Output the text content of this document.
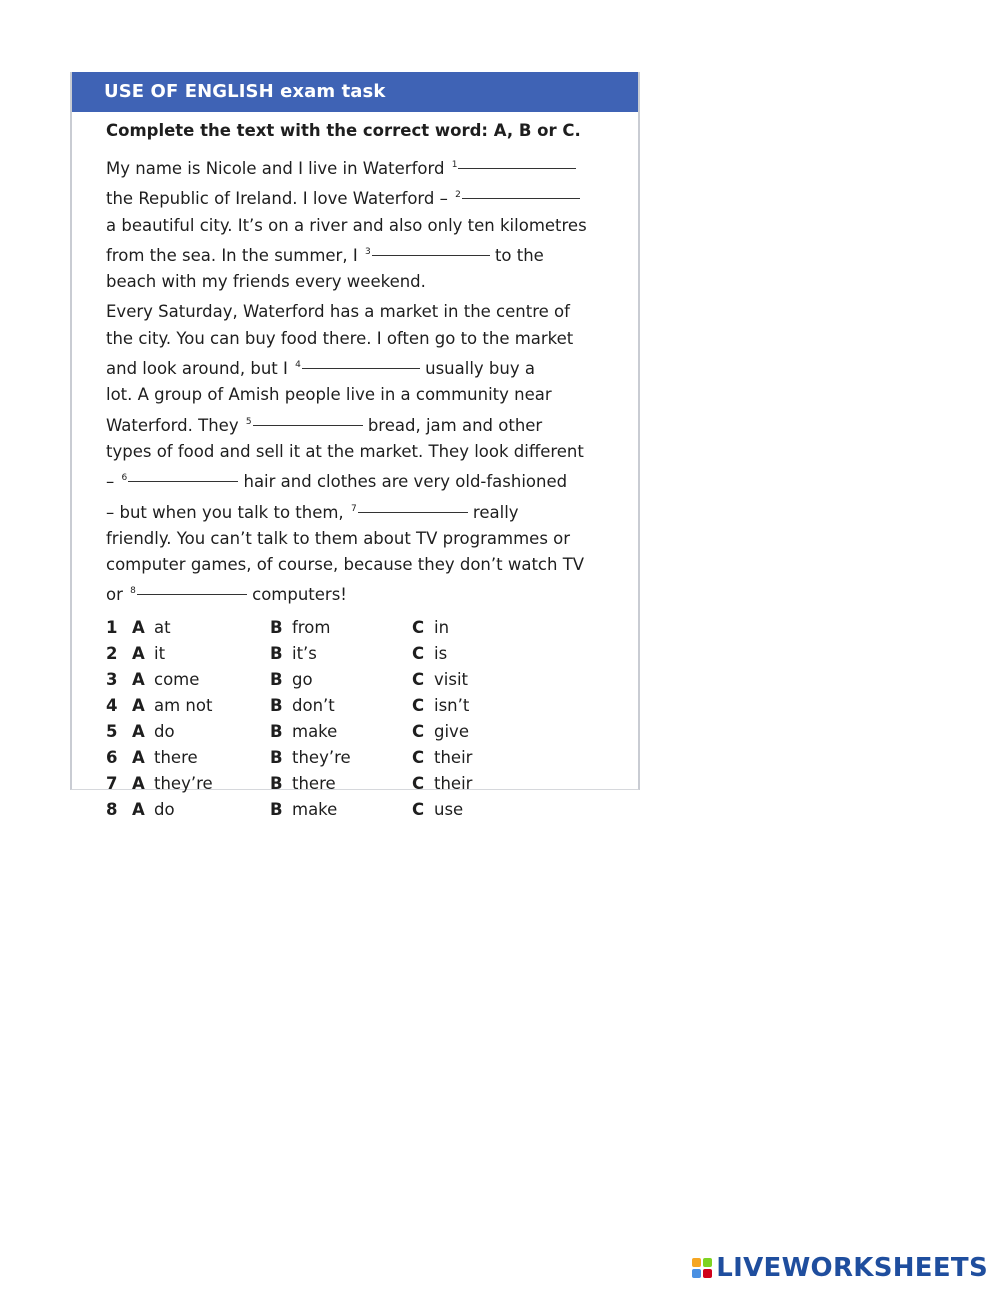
USE OF ENGLISH exam task

Complete the text with the correct word: A, B or C.

My name is Nicole and I live in Waterford $^1$
the Republic of Ireland. I love Waterford – $^2$
a beautiful city. It’s on a river and also only ten kilometres
from the sea. In the summer, I $^3$	to the
beach with my friends every weekend.

Every Saturday, Waterford has a market in the centre of
the city. You can buy food there. I often go to the market
and look around, but I $^4$	usually buy a
lot. A group of Amish people live in a community near
Waterford. They $^5$	bread, jam and other
types of food and sell it at the market. They look different
– $^6$	hair and clothes are very old-fashioned
– but when you talk to them, $^7$	really
friendly. You can’t talk to them about TV programmes or
computer games, of course, because they don’t watch TV
or $^8$	computers!

1 A at	B from	C in
2 A it	B it’s	C is
3 A come	B go	C visit
4 A am not	B don’t	C isn’t
5 A do	B make	C give
6 A there	B they’re	C their
7 A they’re	B there	C their
8 A do	B make	C use
LIVEWORKSHEETS
